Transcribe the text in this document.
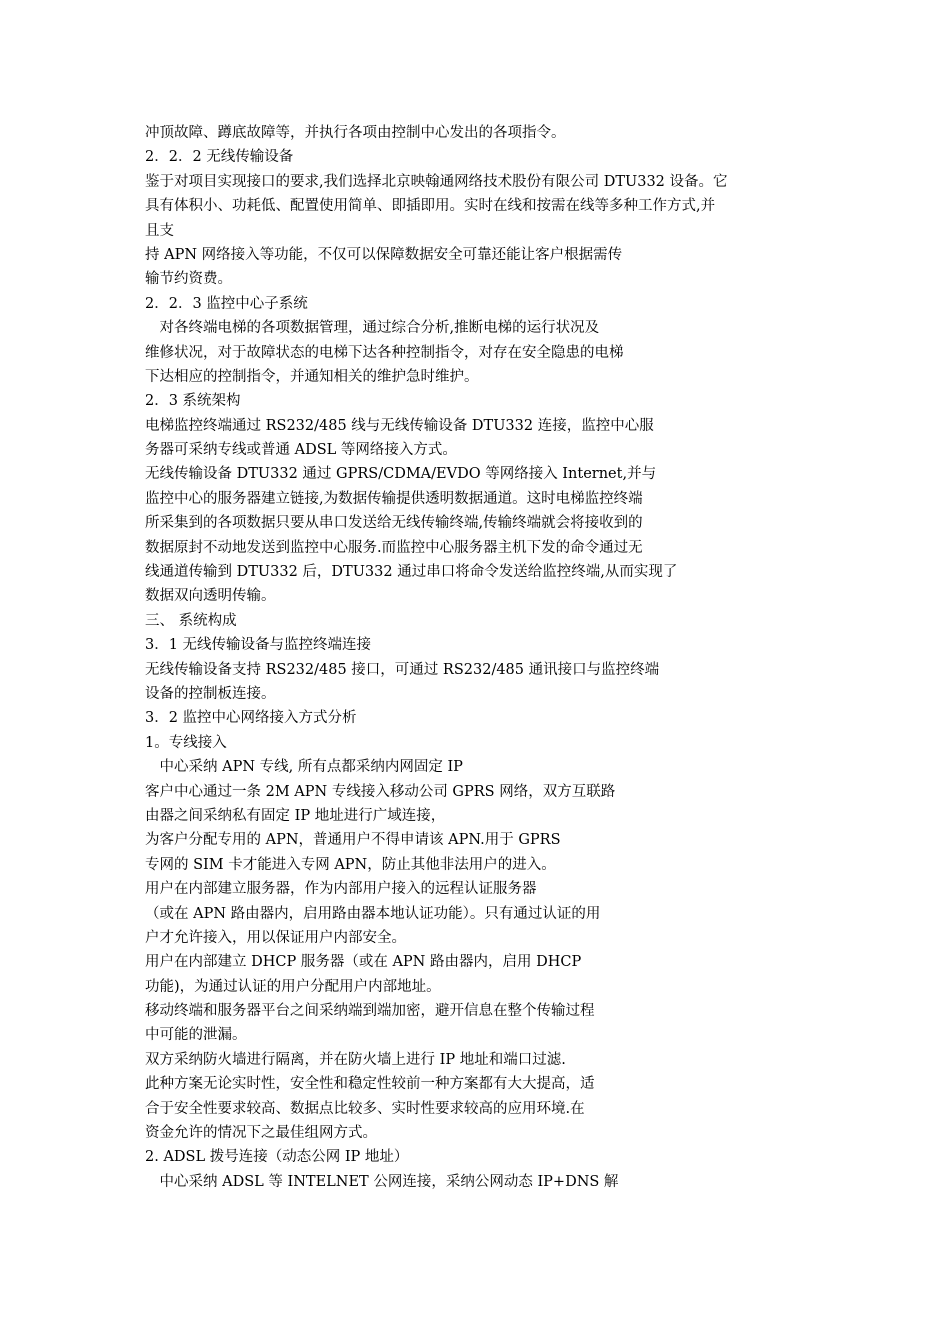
冲顶故障、蹲底故障等，并执行各项由控制中心发出的各项指令。
2．2．2 无线传输设备
鉴于对项目实现接口的要求,我们选择北京映翰通网络技术股份有限公司 DTU332 设备。它
具有体积小、功耗低、配置使用简单、即插即用。实时在线和按需在线等多种工作方式,并
且支
持 APN 网络接入等功能，不仅可以保障数据安全可靠还能让客户根据需传
输节约资费。
2．2．3 监控中心子系统
　对各终端电梯的各项数据管理，通过综合分析,推断电梯的运行状况及
维修状况，对于故障状态的电梯下达各种控制指令，对存在安全隐患的电梯
下达相应的控制指令，并通知相关的维护急时维护。
2．3 系统架构
电梯监控终端通过 RS232/485 线与无线传输设备 DTU332 连接，监控中心服
务器可采纳专线或普通 ADSL 等网络接入方式。
无线传输设备 DTU332 通过 GPRS/CDMA/EVDO 等网络接入 Internet,并与
监控中心的服务器建立链接,为数据传输提供透明数据通道。这时电梯监控终端
所采集到的各项数据只要从串口发送给无线传输终端,传输终端就会将接收到的
数据原封不动地发送到监控中心服务.而监控中心服务器主机下发的命令通过无
线通道传输到 DTU332 后，DTU332 通过串口将命令发送给监控终端,从而实现了
数据双向透明传输。
三、 系统构成
3．1 无线传输设备与监控终端连接
无线传输设备支持 RS232/485 接口，可通过 RS232/485 通讯接口与监控终端
设备的控制板连接。
3．2 监控中心网络接入方式分析
1。专线接入
　中心采纳 APN 专线, 所有点都采纳内网固定 IP
客户中心通过一条 2M APN 专线接入移动公司 GPRS 网络，双方互联路
由器之间采纳私有固定 IP 地址进行广域连接，
为客户分配专用的 APN，普通用户不得申请该 APN.用于 GPRS
专网的 SIM 卡才能进入专网 APN，防止其他非法用户的进入。
用户在内部建立服务器，作为内部用户接入的远程认证服务器
（或在 APN 路由器内，启用路由器本地认证功能）。只有通过认证的用
户才允许接入，用以保证用户内部安全。
用户在内部建立 DHCP 服务器（或在 APN 路由器内，启用 DHCP
功能)，为通过认证的用户分配用户内部地址。
移动终端和服务器平台之间采纳端到端加密，避开信息在整个传输过程
中可能的泄漏。
双方采纳防火墙进行隔离，并在防火墙上进行 IP 地址和端口过滤.
此种方案无论实时性，安全性和稳定性较前一种方案都有大大提高，适
合于安全性要求较高、数据点比较多、实时性要求较高的应用环境.在
资金允许的情况下之最佳组网方式。
2. ADSL 拨号连接（动态公网 IP 地址）
　中心采纳 ADSL 等 INTELNET 公网连接，采纳公网动态 IP+DNS 解
